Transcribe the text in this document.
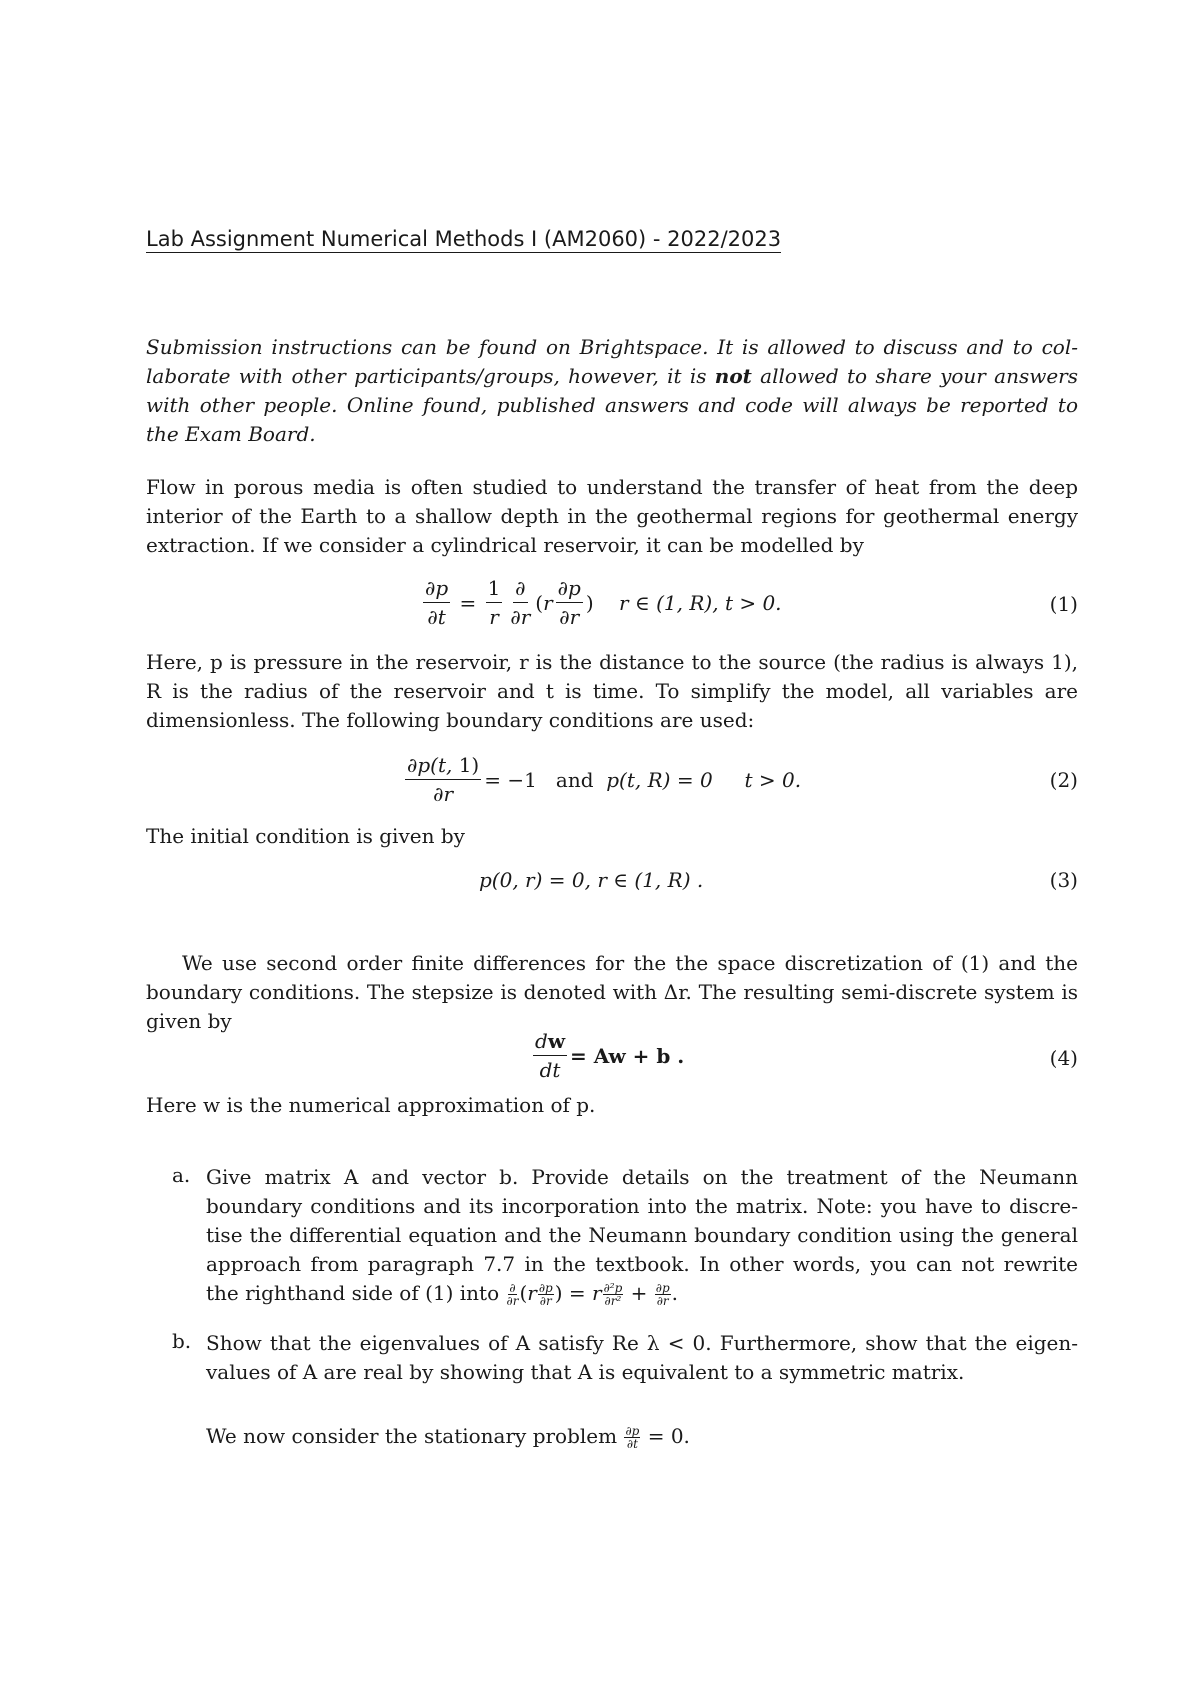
Lab Assignment Numerical Methods I (AM2060) - 2022/2023
Submission instructions can be found on Brightspace. It is allowed to discuss and to col-laborate with other participants/groups, however, it is not allowed to share your answers with other people. Online found, published answers and code will always be reported to the Exam Board.
Flow in porous media is often studied to understand the transfer of heat from the deep interior of the Earth to a shallow depth in the geothermal regions for geothermal energy extraction. If we consider a cylindrical reservoir, it can be modelled by
$\frac{\partial p}{\partial t} = \frac{1}{r} \frac{\partial}{\partial r} (r \frac{\partial p}{\partial r}$ ) r ∈ (1, R), t > 0.	(1)
Here, p is pressure in the reservoir, r is the distance to the source (the radius is always 1), R is the radius of the reservoir and t is time. To simplify the model, all variables are dimensionless. The following boundary conditions are used:
$\frac{\partial p(t, 1)}{\partial r} = -1$
and
p(t, R) = 0
t > 0.	(2)
The initial condition is given by
p(0, r) = 0, r ∈ (1, R) .	(3)
We use second order finite differences for the the space discretization of (1) and the boundary conditions. The stepsize is denoted with Δr. The resulting semi-discrete system is given by
$\frac{dw}{dt} = Aw + b$ .	(4)
Here w is the numerical approximation of p.
a. Give matrix A and vector b. Provide details on the treatment of the Neumann boundary conditions and its incorporation into the matrix. Note: you have to discre-tise the differential equation and the Neumann boundary condition using the general approach from paragraph 7.7 in the textbook. In other words, you can not rewrite the righthand side of (1) into ∂
∂r ($r \frac{\partial p}{\partial r}$ ) = r $\frac{\text{∂²p}}{\text{∂r²}} + \frac{\partial p}{\partial r}$ .
b. Show that the eigenvalues of A satisfy Re λ < 0. Furthermore, show that the eigen-values of A are real by showing that A is equivalent to a symmetric matrix.
We now consider the stationary problem $\frac{\partial p}{\partial t} = 0$.
